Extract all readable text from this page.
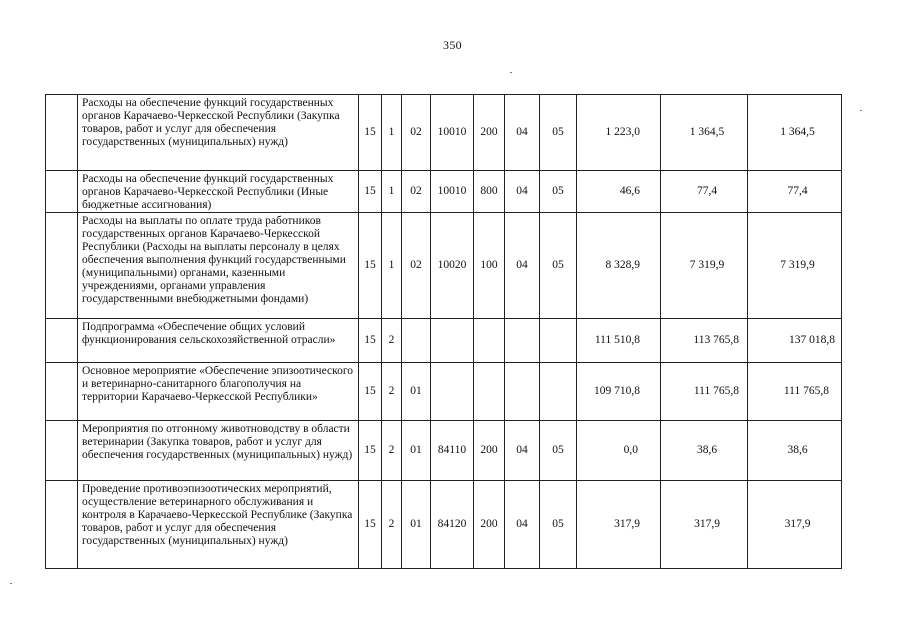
350
	Расходы на обеспечение функций государственных органов Карачаево-Черкесской Республики (Закупка товаров, работ и услуг для обеспечения государственных (муниципальных) нужд)	15	1	02	10010	200	04	05	1 223,0	1 364,5	1 364,5
	Расходы на обеспечение функций государственных органов Карачаево-Черкесской Республики (Иные бюджетные ассигнования)	15	1	02	10010	800	04	05	46,6	77,4	77,4
	Расходы на выплаты по оплате труда работников государственных органов Карачаево-Черкесской Республики (Расходы на выплаты персоналу в целях обеспечения выполнения функций государственными (муниципальными) органами, казенными учреждениями, органами управления государственными внебюджетными фондами)	15	1	02	10020	100	04	05	8 328,9	7 319,9	7 319,9
	Подпрограмма «Обеспечение общих условий функционирования сельскохозяйственной отрасли»	15	2						111 510,8	113 765,8	137 018,8
	Основное мероприятие «Обеспечение эпизоотического и ветеринарно-санитарного благополучия на территории Карачаево-Черкесской Республики»	15	2	01					109 710,8	111 765,8	111 765,8
	Мероприятия по отгонному животноводству в области ветеринарии (Закупка товаров, работ и услуг для обеспечения государственных (муниципальных) нужд)	15	2	01	84110	200	04	05	0,0	38,6	38,6
	Проведение противоэпизоотических мероприятий, осуществление ветеринарного обслуживания и контроля в Карачаево-Черкесской Республике (Закупка товаров, работ и услуг для обеспечения государственных (муниципальных) нужд)	15	2	01	84120	200	04	05	317,9	317,9	317,9
